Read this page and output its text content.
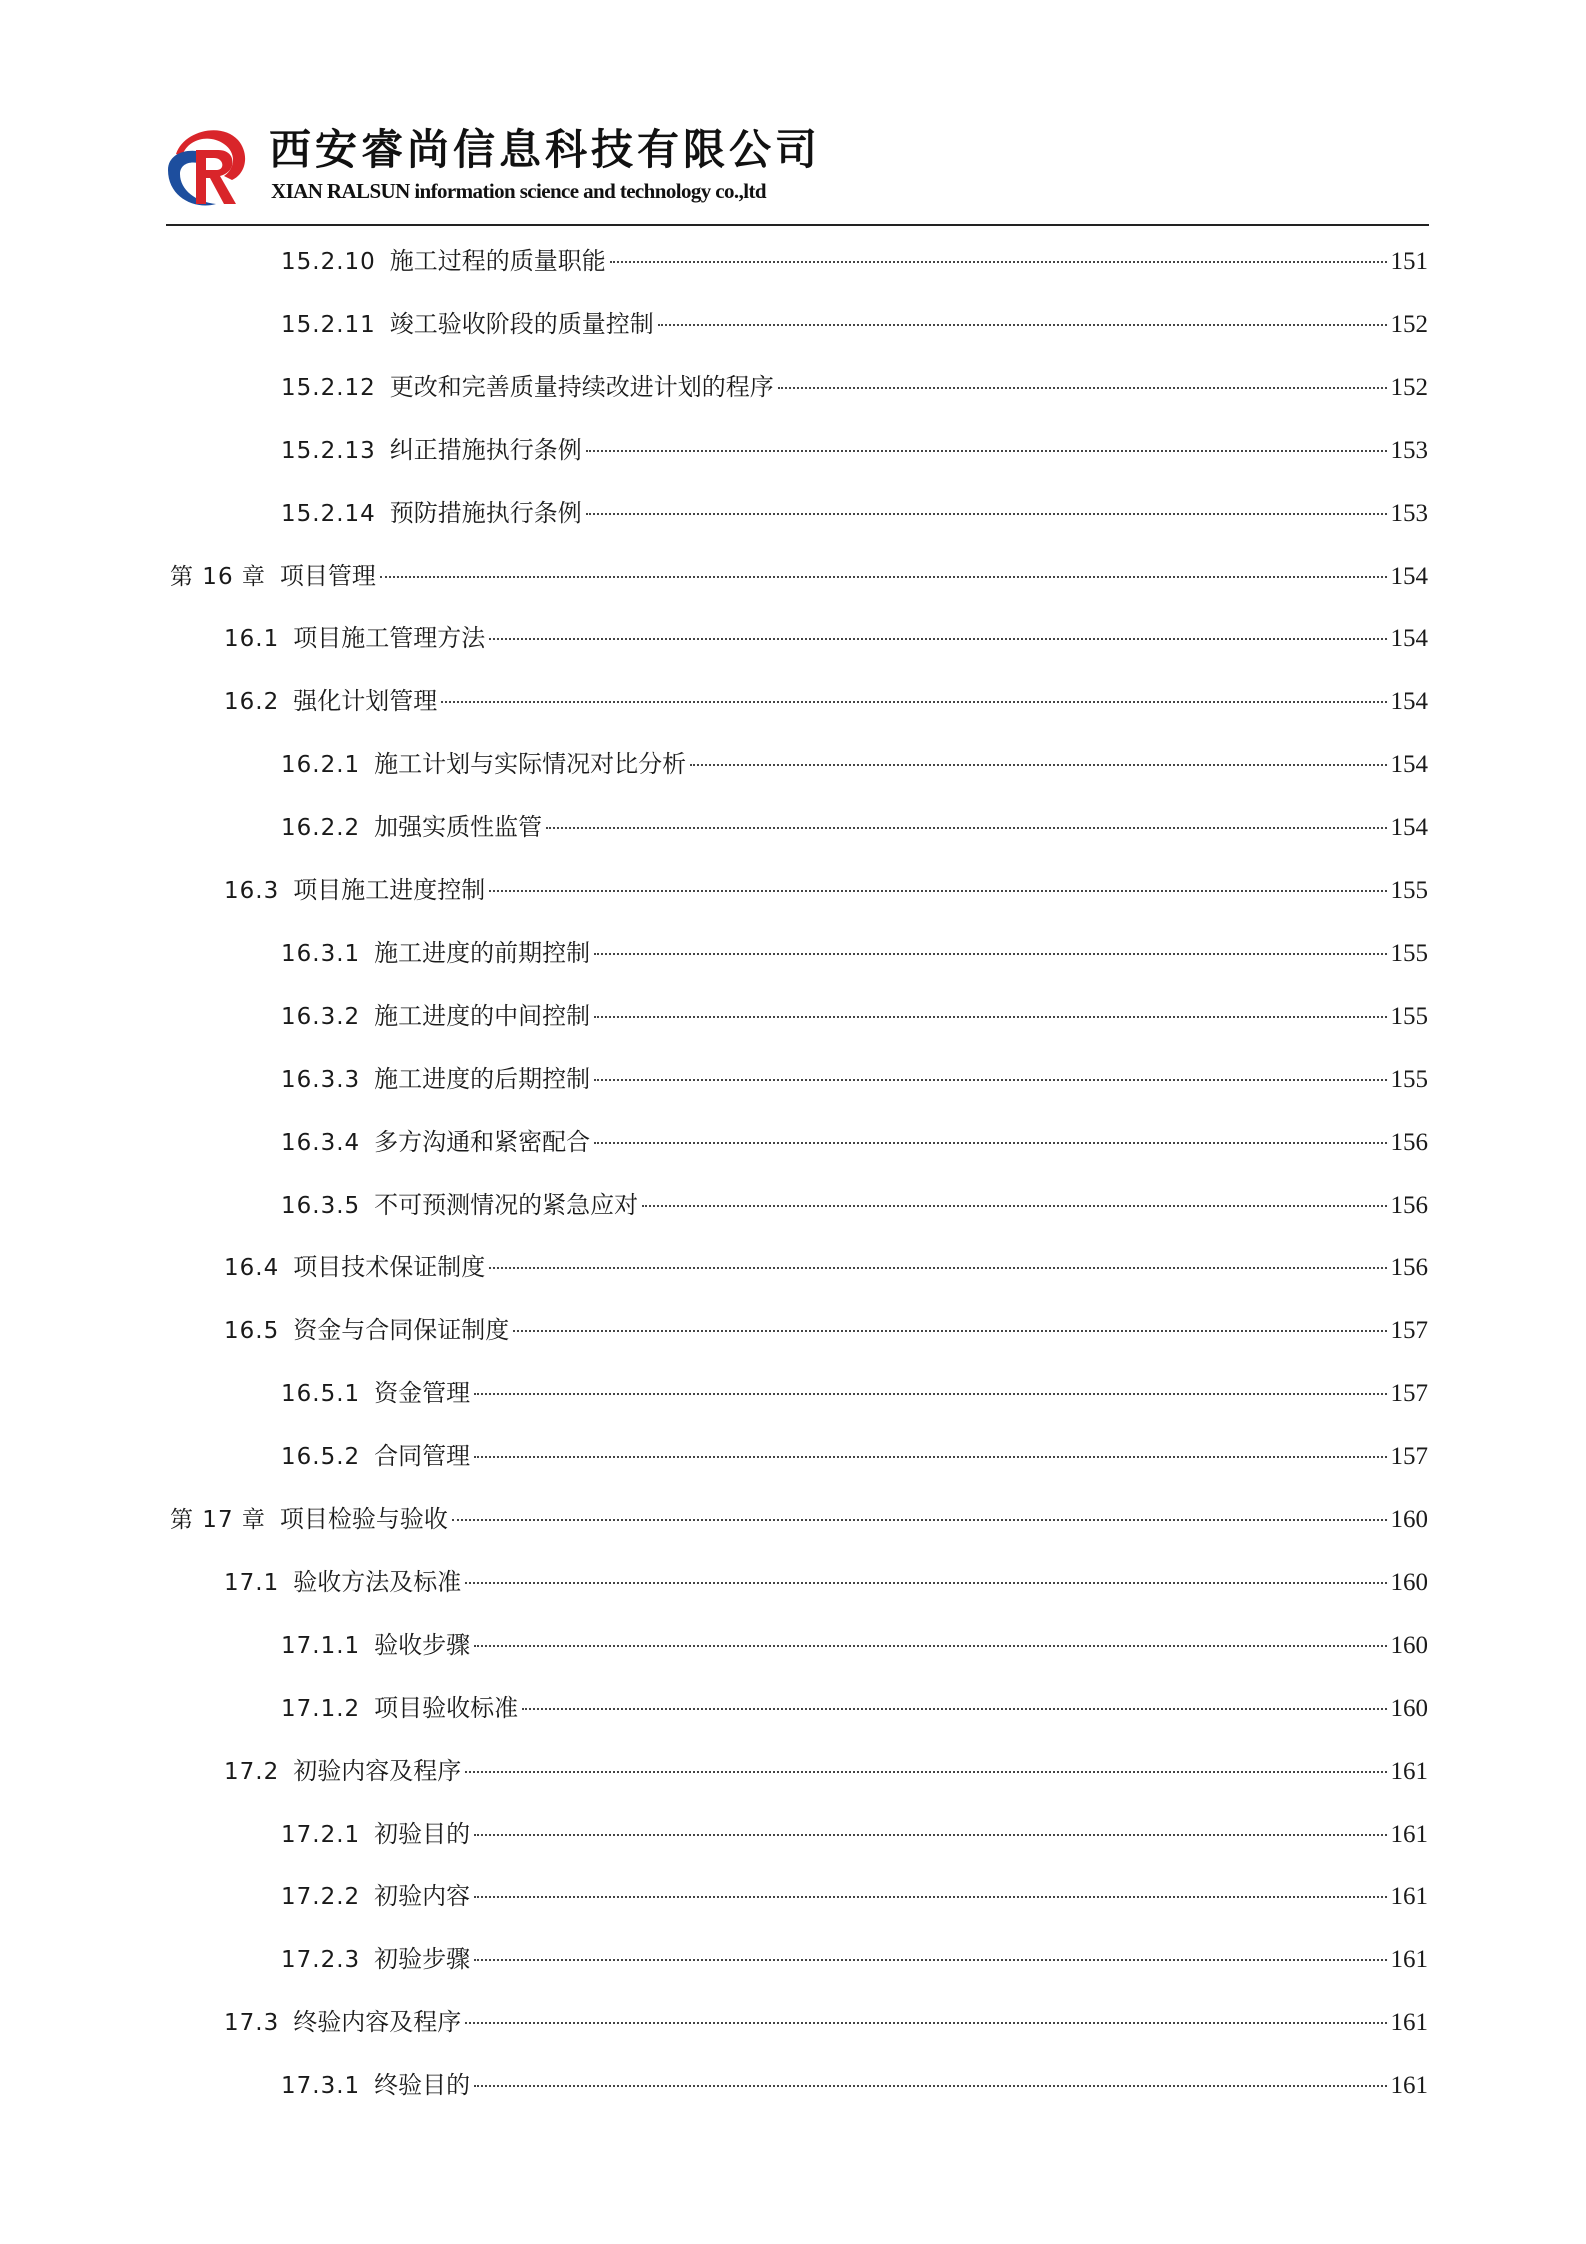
西安睿尚信息科技有限公司
XIAN RALSUN information science and technology co.,ltd
15.2.10 施工过程的质量职能	151
15.2.11 竣工验收阶段的质量控制	152
15.2.12 更改和完善质量持续改进计划的程序	152
15.2.13 纠正措施执行条例	153
15.2.14 预防措施执行条例	153
第 16 章 项目管理	154
16.1 项目施工管理方法	154
16.2 强化计划管理	154
16.2.1 施工计划与实际情况对比分析	154
16.2.2 加强实质性监管	154
16.3 项目施工进度控制	155
16.3.1 施工进度的前期控制	155
16.3.2 施工进度的中间控制	155
16.3.3 施工进度的后期控制	155
16.3.4 多方沟通和紧密配合	156
16.3.5 不可预测情况的紧急应对	156
16.4 项目技术保证制度	156
16.5 资金与合同保证制度	157
16.5.1 资金管理	157
16.5.2 合同管理	157
第 17 章 项目检验与验收	160
17.1 验收方法及标准	160
17.1.1 验收步骤	160
17.1.2 项目验收标准	160
17.2 初验内容及程序	161
17.2.1 初验目的	161
17.2.2 初验内容	161
17.2.3 初验步骤	161
17.3 终验内容及程序	161
17.3.1 终验目的	161
